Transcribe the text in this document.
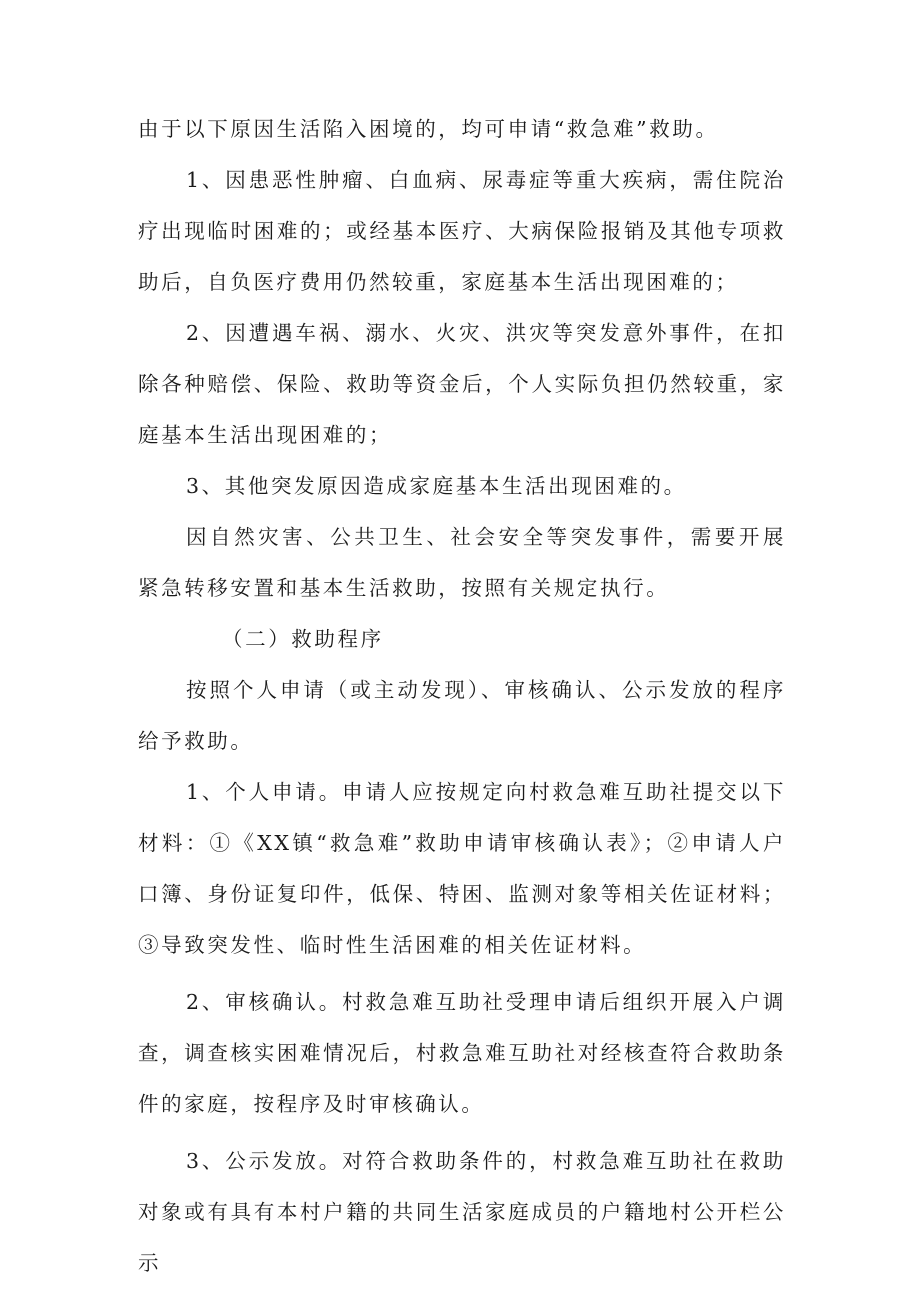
由于以下原因生活陷入困境的，均可申请“救急难”救助。

1、因患恶性肿瘤、白血病、尿毒症等重大疾病，需住院治疗出现临时困难的；或经基本医疗、大病保险报销及其他专项救助后，自负医疗费用仍然较重，家庭基本生活出现困难的；

2、因遭遇车祸、溺水、火灾、洪灾等突发意外事件，在扣除各种赔偿、保险、救助等资金后，个人实际负担仍然较重，家庭基本生活出现困难的；

3、其他突发原因造成家庭基本生活出现困难的。

因自然灾害、公共卫生、社会安全等突发事件，需要开展紧急转移安置和基本生活救助，按照有关规定执行。

（二）救助程序

按照个人申请（或主动发现）、审核确认、公示发放的程序给予救助。

1、个人申请。申请人应按规定向村救急难互助社提交以下材料：①《XX镇“救急难”救助申请审核确认表》；②申请人户口簿、身份证复印件，低保、特困、监测对象等相关佐证材料；③导致突发性、临时性生活困难的相关佐证材料。

2、审核确认。村救急难互助社受理申请后组织开展入户调查，调查核实困难情况后，村救急难互助社对经核查符合救助条件的家庭，按程序及时审核确认。

3、公示发放。对符合救助条件的，村救急难互助社在救助对象或有具有本村户籍的共同生活家庭成员的户籍地村公开栏公示
